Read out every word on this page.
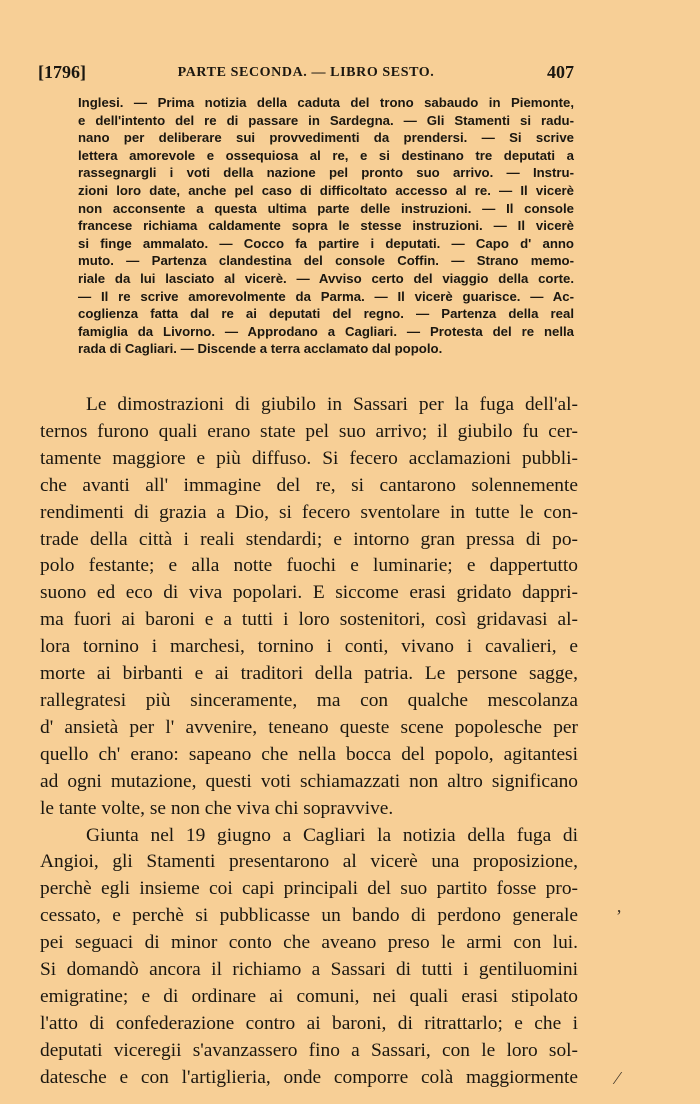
[1796]	PARTE SECONDA. — LIBRO SESTO.	407
Inglesi. — Prima notizia della caduta del trono sabaudo in Piemonte,
e dell'intento del re di passare in Sardegna. — Gli Stamenti si radu-
nano per deliberare sui provvedimenti da prendersi. — Si scrive
lettera amorevole e ossequiosa al re, e si destinano tre deputati a
rassegnargli i voti della nazione pel pronto suo arrivo. — Instru-
zioni loro date, anche pel caso di difficoltato accesso al re. — Il vicerè
non acconsente a questa ultima parte delle instruzioni. — Il console
francese richiama caldamente sopra le stesse instruzioni. — Il vicerè
si finge ammalato. — Cocco fa partire i deputati. — Capo d' anno
muto. — Partenza clandestina del console Coffin. — Strano memo-
riale da lui lasciato al vicerè. — Avviso certo del viaggio della corte.
— Il re scrive amorevolmente da Parma. — Il vicerè guarisce. — Ac-
coglienza fatta dal re ai deputati del regno. — Partenza della real
famiglia da Livorno. — Approdano a Cagliari. — Protesta del re nella
rada di Cagliari. — Discende a terra acclamato dal popolo.
Le dimostrazioni di giubilo in Sassari per la fuga dell'al-
ternos furono quali erano state pel suo arrivo; il giubilo fu cer-
tamente maggiore e più diffuso. Si fecero acclamazioni pubbli-
che avanti all' immagine del re, si cantarono solennemente
rendimenti di grazia a Dio, si fecero sventolare in tutte le con-
trade della città i reali stendardi; e intorno gran pressa di po-
polo festante; e alla notte fuochi e luminarie; e dappertutto
suono ed eco di viva popolari. E siccome erasi gridato dappri-
ma fuori ai baroni e a tutti i loro sostenitori, così gridavasi al-
lora tornino i marchesi, tornino i conti, vivano i cavalieri, e
morte ai birbanti e ai traditori della patria. Le persone sagge,
rallegratesi più sinceramente, ma con qualche mescolanza
d' ansietà per l' avvenire, teneano queste scene popolesche per
quello ch' erano: sapeano che nella bocca del popolo, agitantesi
ad ogni mutazione, questi voti schiamazzati non altro significano
le tante volte, se non che viva chi sopravvive.
Giunta nel 19 giugno a Cagliari la notizia della fuga di
Angioi, gli Stamenti presentarono al vicerè una proposizione,
perchè egli insieme coi capi principali del suo partito fosse pro-
cessato, e perchè si pubblicasse un bando di perdono generale
pei seguaci di minor conto che aveano preso le armi con lui.
Si domandò ancora il richiamo a Sassari di tutti i gentiluomini
emigratine; e di ordinare ai comuni, nei quali erasi stipolato
l'atto di confederazione contro ai baroni, di ritrattarlo; e che i
deputati viceregii s'avanzassero fino a Sassari, con le loro sol-
datesche e con l'artiglieria, onde comporre colà maggiormente
‚
⁄
